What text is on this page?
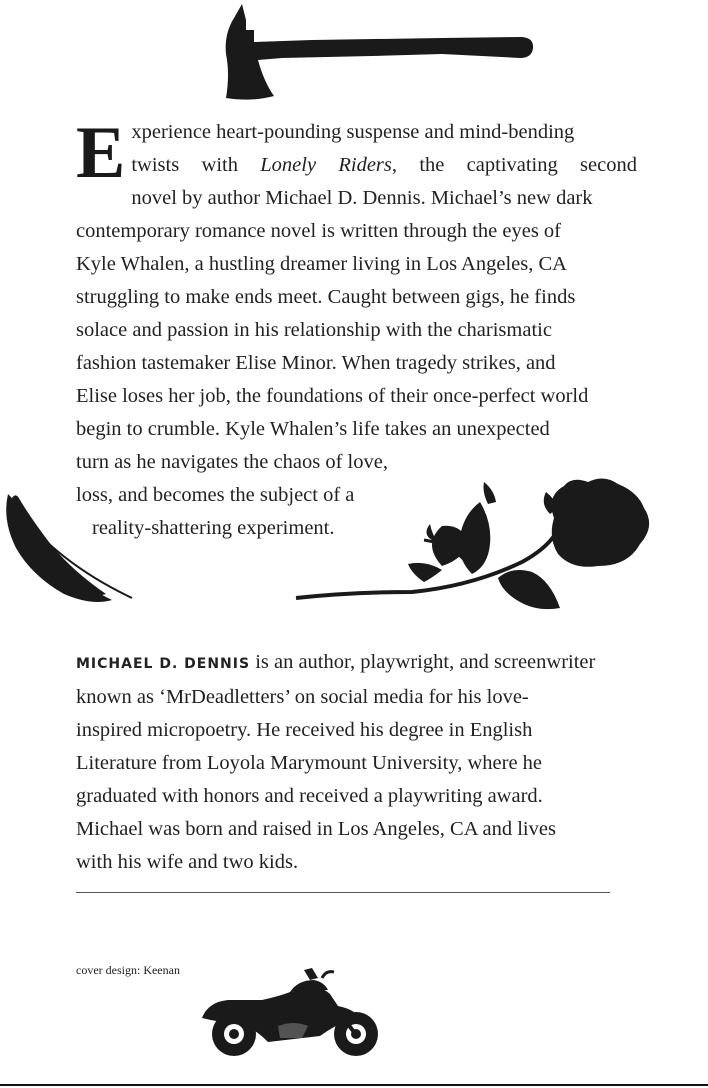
E xperience heart-pounding suspense and mind-bending
twists with Lonely Riders, the captivating second
novel by author Michael D. Dennis. Michael’s new dark
contemporary romance novel is written through the eyes of
Kyle Whalen, a hustling dreamer living in Los Angeles, CA
struggling to make ends meet. Caught between gigs, he finds
solace and passion in his relationship with the charismatic
fashion tastemaker Elise Minor. When tragedy strikes, and
Elise loses her job, the foundations of their once-perfect world
begin to crumble. Kyle Whalen’s life takes an unexpected
turn as he navigates the chaos of love,
loss, and becomes the subject of a
reality-shattering experiment.
MICHAEL D. DENNIS is an author, playwright, and screenwriter
known as ‘MrDeadletters’ on social media for his love-
inspired micropoetry. He received his degree in English
Literature from Loyola Marymount University, where he
graduated with honors and received a playwriting award.
Michael was born and raised in Los Angeles, CA and lives
with his wife and two kids.
cover design: Keenan
